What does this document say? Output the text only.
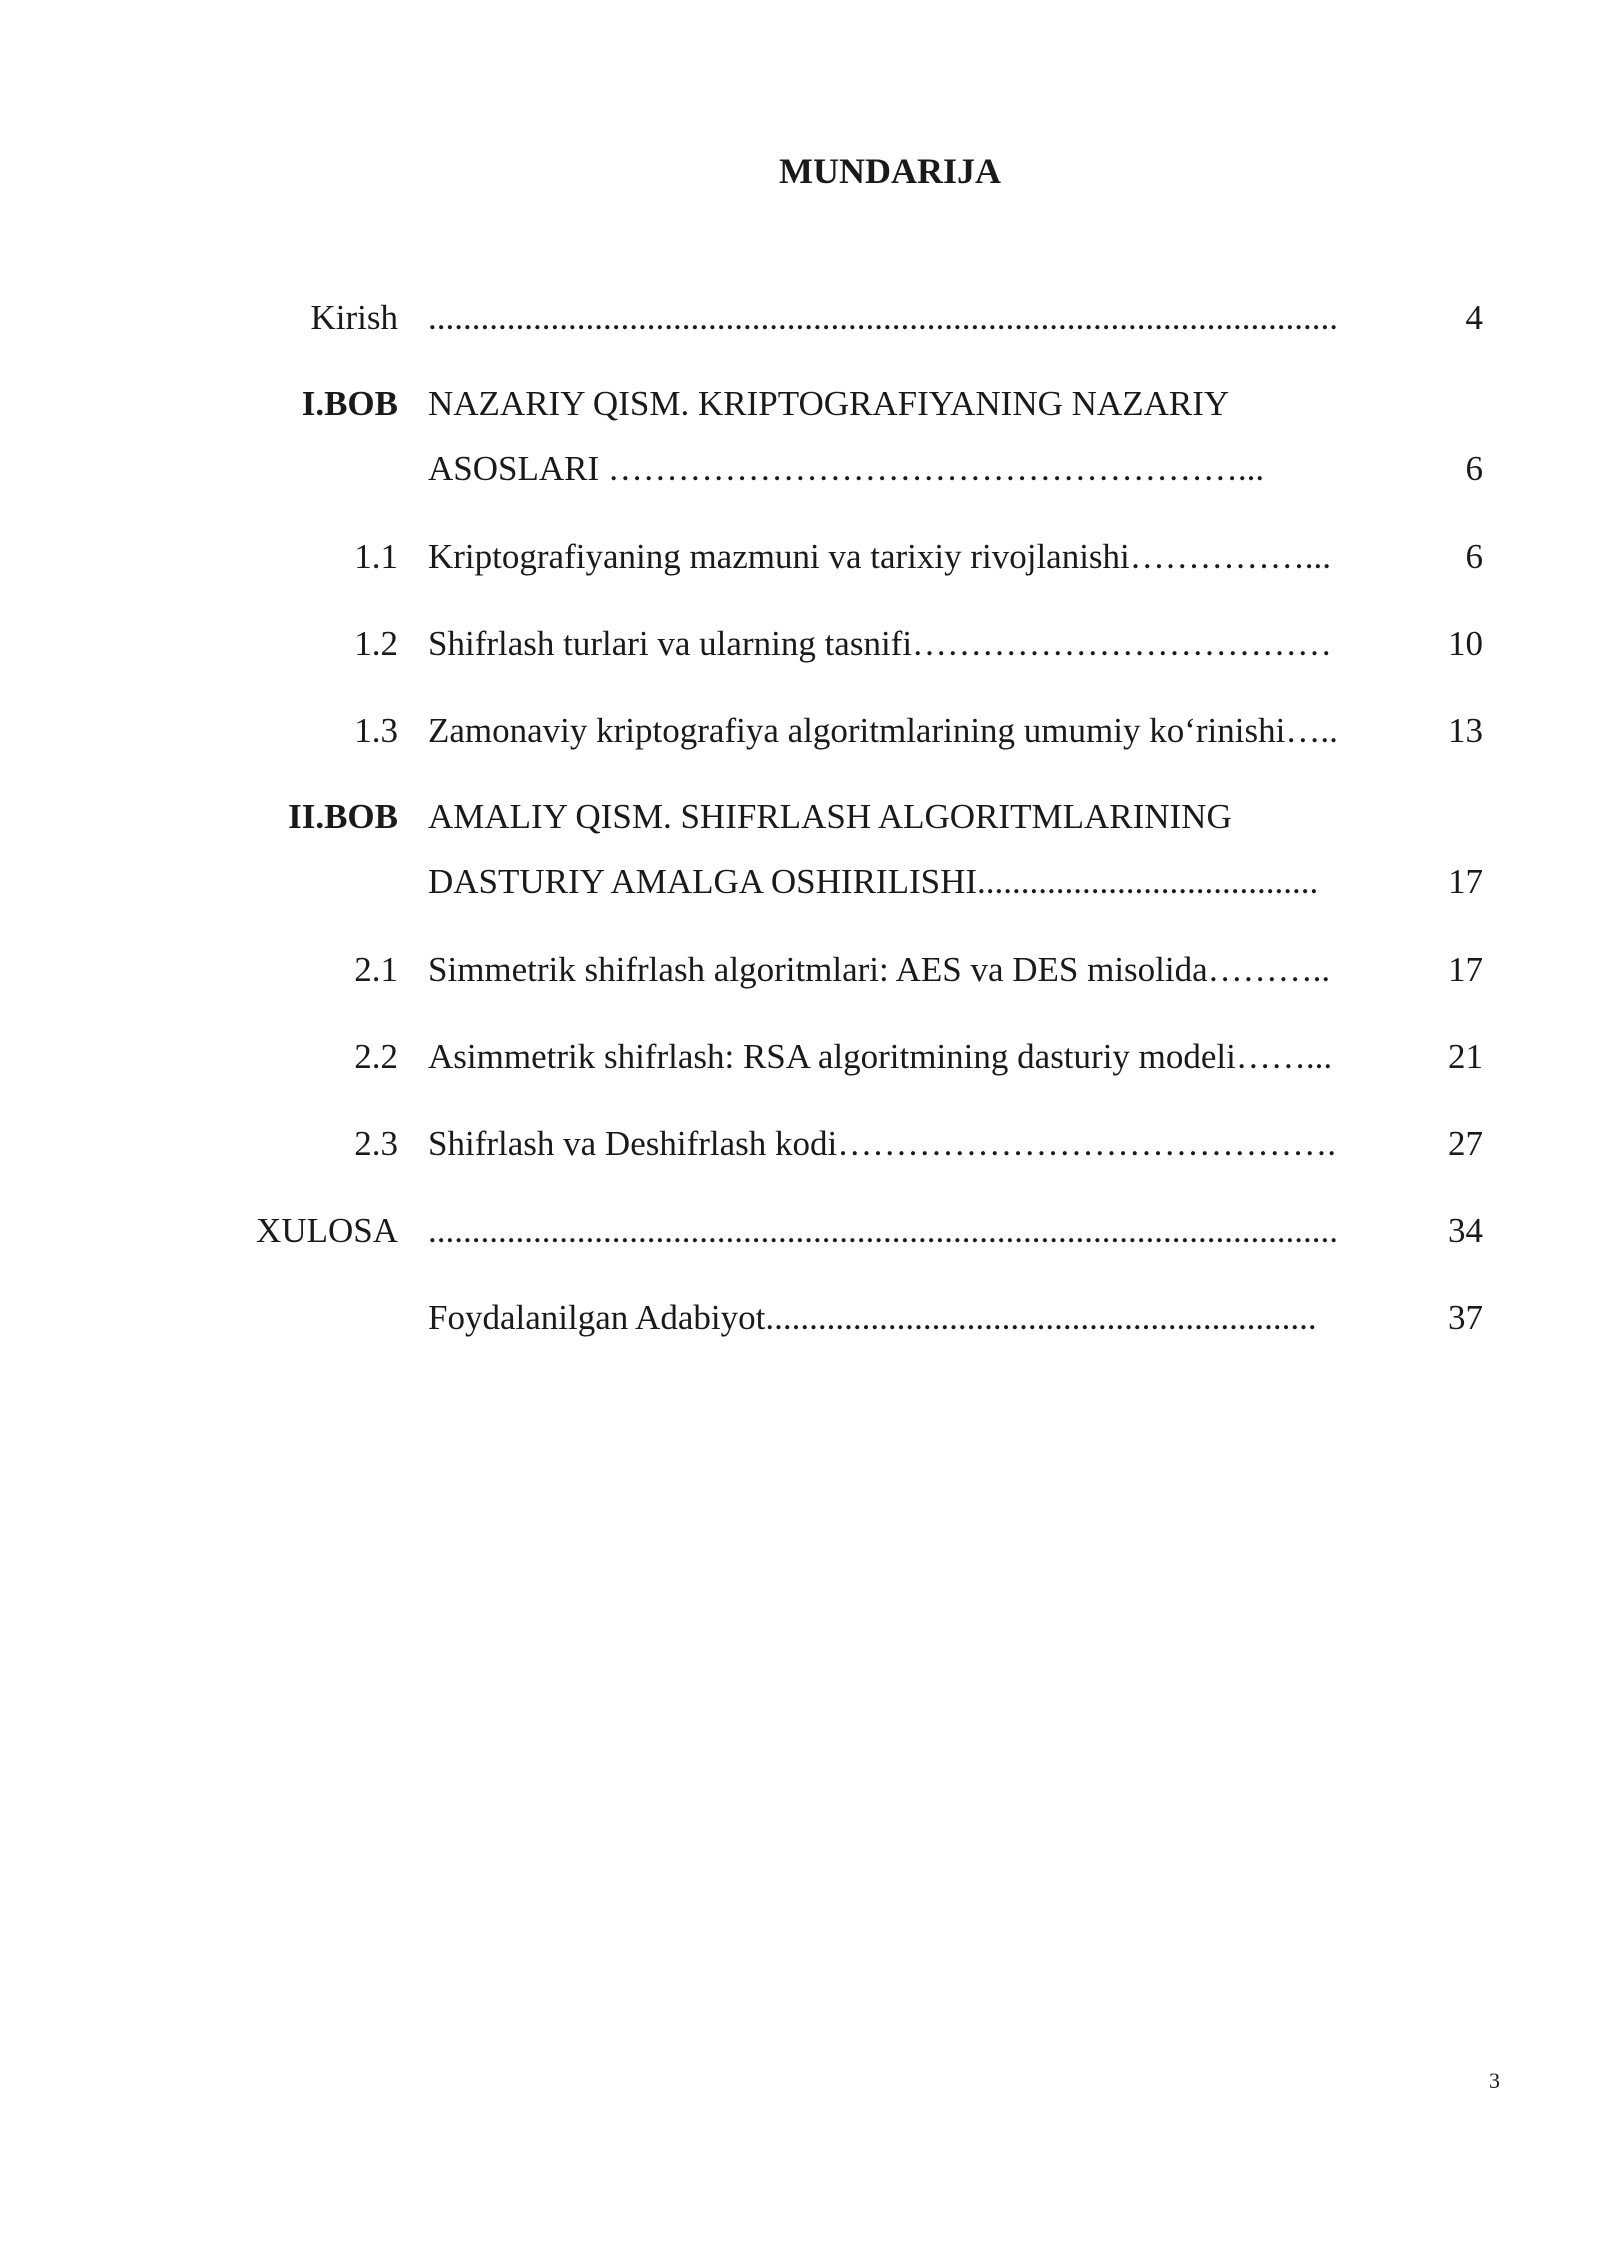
MUNDARIJA
Kirish ........................................................................................................	4
I.BOB NAZARIY QISM. KRIPTOGRAFIYANING NAZARIY
ASOSLARI ………………………………………………...	6
1.1 Kriptografiyaning mazmuni va tarixiy rivojlanishi……………...	6
1.2 Shifrlash turlari va ularning tasnifi………………………………	10
1.3 Zamonaviy kriptografiya algoritmlarining umumiy ko‘rinishi…..	13
II.BOB AMALIY QISM. SHIFRLASH ALGORITMLARINING
DASTURIY AMALGA OSHIRILISHI.......................................	17
2.1 Simmetrik shifrlash algoritmlari: AES va DES misolida………..	17
2.2 Asimmetrik shifrlash: RSA algoritmining dasturiy modeli……...	21
2.3 Shifrlash va Deshifrlash kodi…………………………………….	27
XULOSA ........................................................................................................	34
Foydalanilgan Adabiyot...............................................................	37
3
